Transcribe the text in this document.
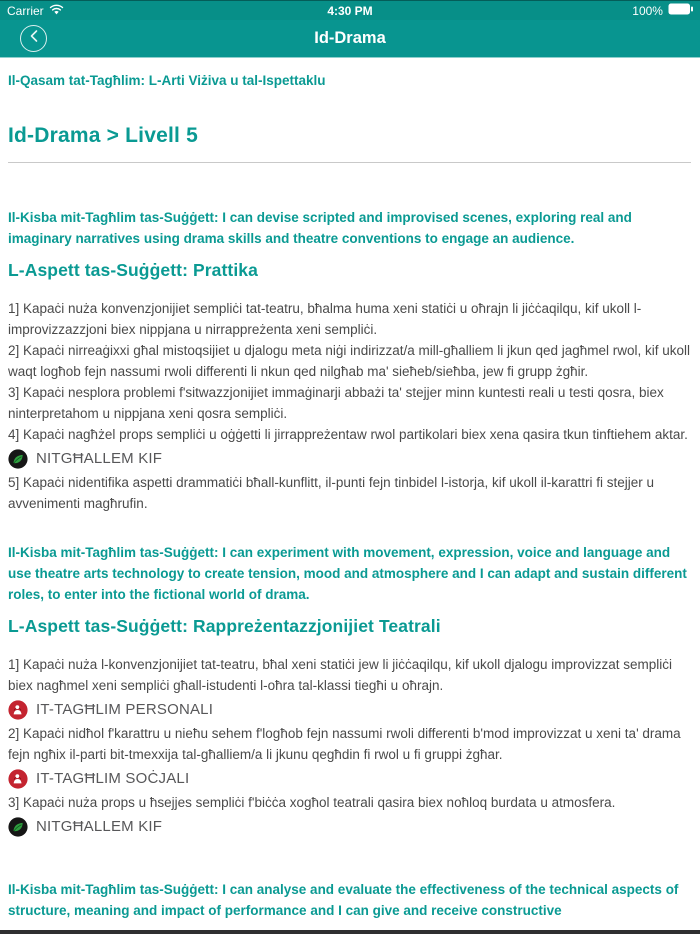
Carrier	4:30 PM	100%
Id-Drama
Il-Qasam tat-Tagħlim: L-Arti Viżiva u tal-Ispettaklu
Id-Drama > Livell 5
Il-Kisba mit-Tagħlim tas-Suġġett: I can devise scripted and improvised scenes, exploring real and imaginary narratives using drama skills and theatre conventions to engage an audience.
L-Aspett tas-Suġġett: Prattika

1] Kapaċi nuża konvenzjonijiet sempliċi tat-teatru, bħalma huma xeni statiċi u oħrajn li jiċċaqilqu, kif ukoll l-improvizzazzjoni biex nippjana u nirrappreżenta xeni sempliċi.

2] Kapaċi nirreaġixxi għal mistoqsijiet u djalogu meta niġi indirizzat/a mill-għalliem li jkun qed jagħmel rwol, kif ukoll waqt logħob fejn nassumi rwoli differenti li nkun qed nilgħab ma' sieħeb/sieħba, jew fi grupp żgħir.

3] Kapaċi nesplora problemi f'sitwazzjonijiet immaġinarji abbażi ta' stejjer minn kuntesti reali u testi qosra, biex ninterpretahom u nippjana xeni qosra sempliċi.

4] Kapaċi nagħżel props sempliċi u oġġetti li jirrappreżentaw rwol partikolari biex xena qasira tkun tinftiehem aktar.

NITGĦALLEM KIF

5] Kapaċi nidentifika aspetti drammatiċi bħall-kunflitt, il-punti fejn tinbidel l-istorja, kif ukoll il-karattri fi stejjer u avvenimenti magħrufin.

Il-Kisba mit-Tagħlim tas-Suġġett: I can experiment with movement, expression, voice and language and use theatre arts technology to create tension, mood and atmosphere and I can adapt and sustain different roles, to enter into the fictional world of drama.
L-Aspett tas-Suġġett: Rappreżentazzjonijiet Teatrali

1] Kapaċi nuża l-konvenzjonijiet tat-teatru, bħal xeni statiċi jew li jiċċaqilqu, kif ukoll djalogu improvizzat sempliċi biex nagħmel xeni sempliċi għall-istudenti l-oħra tal-klassi tiegħi u oħrajn.

IT-TAGĦLIM PERSONALI

2] Kapaċi nidħol f'karattru u nieħu sehem f'logħob fejn nassumi rwoli differenti b'mod improvizzat u xeni ta' drama fejn ngħix il-parti bit-tmexxija tal-għalliem/a li jkunu qegħdin fi rwol u fi gruppi żgħar.

IT-TAGĦLIM SOĊJALI

3] Kapaċi nuża props u ħsejjes sempliċi f'biċċa xogħol teatrali qasira biex noħloq burdata u atmosfera.

NITGĦALLEM KIF
Il-Kisba mit-Tagħlim tas-Suġġett: I can analyse and evaluate the effectiveness of the technical aspects of structure, meaning and impact of performance and I can give and receive constructive
